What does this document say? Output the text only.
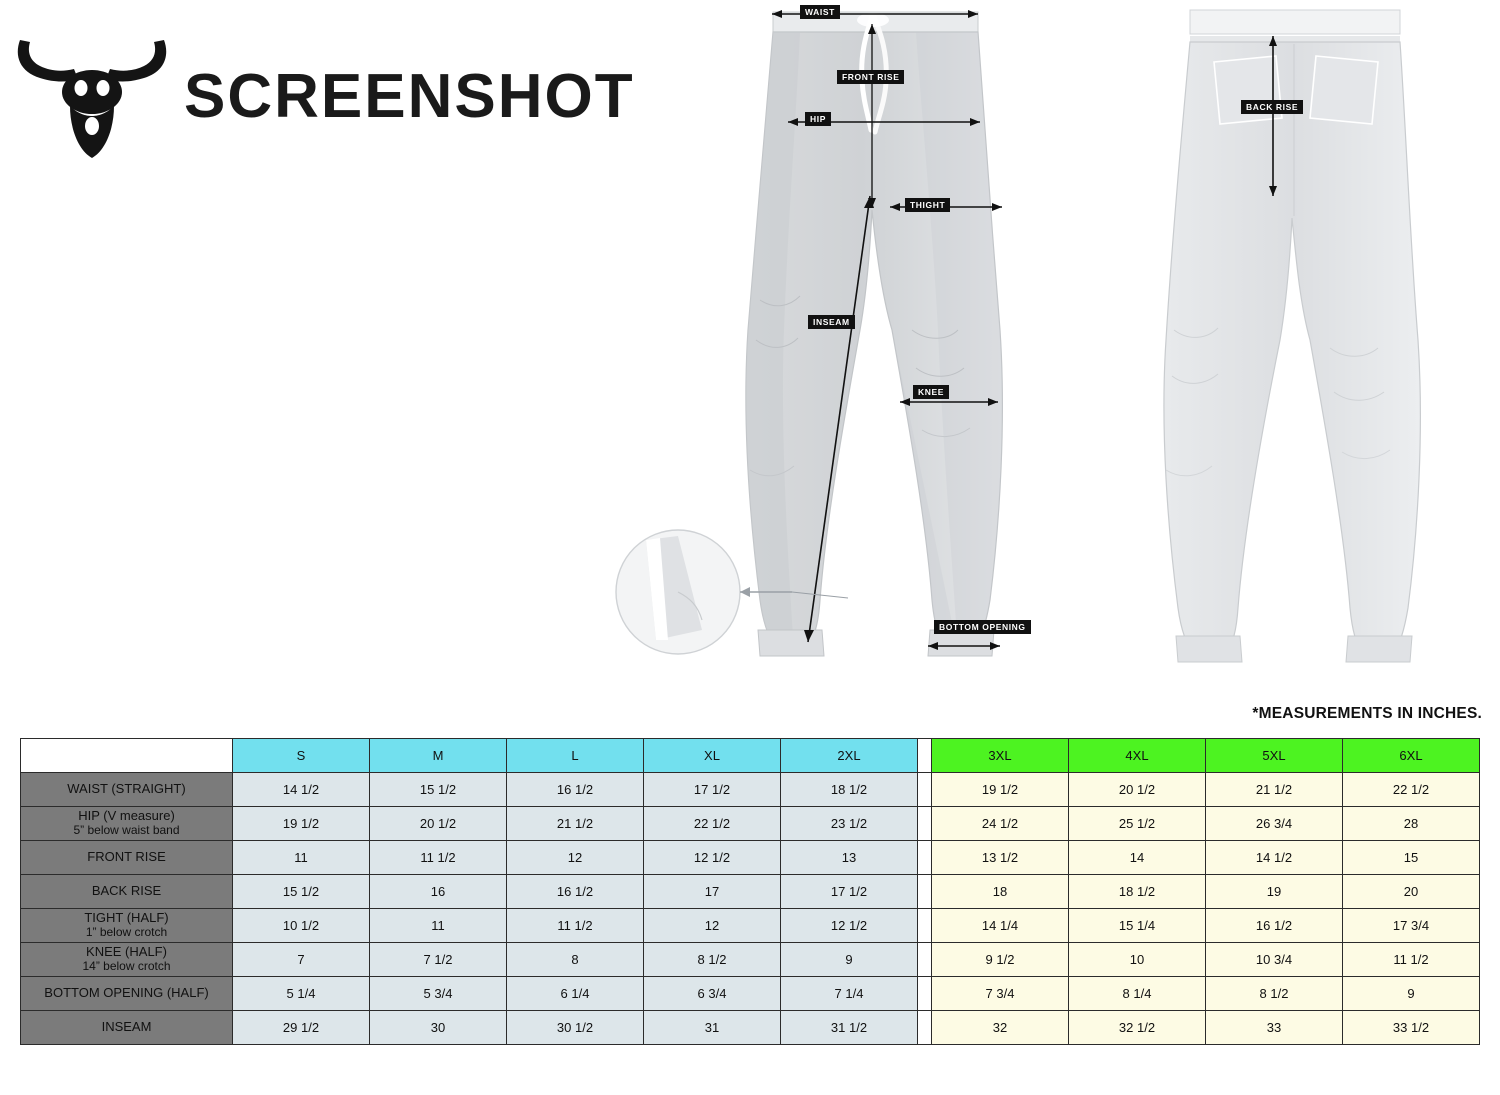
SCREENSHOT
WAIST
FRONT RISE
HIP
THIGHT
INSEAM
KNEE
BOTTOM OPENING
BACK RISE
*MEASUREMENTS IN INCHES.
	S	M	L	XL	2XL		3XL	4XL	5XL	6XL
WAIST (STRAIGHT)	14 1/2	15 1/2	16 1/2	17 1/2	18 1/2		19 1/2	20 1/2	21 1/2	22 1/2

HIP (V measure)
5” below waist band	19 1/2	20 1/2	21 1/2	22 1/2	23 1/2		24 1/2	25 1/2	26 3/4	28
FRONT RISE	11	11 1/2	12	12 1/2	13		13 1/2	14	14 1/2	15
BACK RISE	15 1/2	16	16 1/2	17	17 1/2		18	18 1/2	19	20

TIGHT (HALF)
1” below crotch	10 1/2	11	11 1/2	12	12 1/2		14 1/4	15 1/4	16 1/2	17 3/4

KNEE (HALF)
14” below crotch	7	7 1/2	8	8 1/2	9		9 1/2	10	10 3/4	11 1/2
BOTTOM OPENING (HALF)	5 1/4	5 3/4	6 1/4	6 3/4	7 1/4		7 3/4	8 1/4	8 1/2	9
INSEAM	29 1/2	30	30 1/2	31	31 1/2		32	32 1/2	33	33 1/2
